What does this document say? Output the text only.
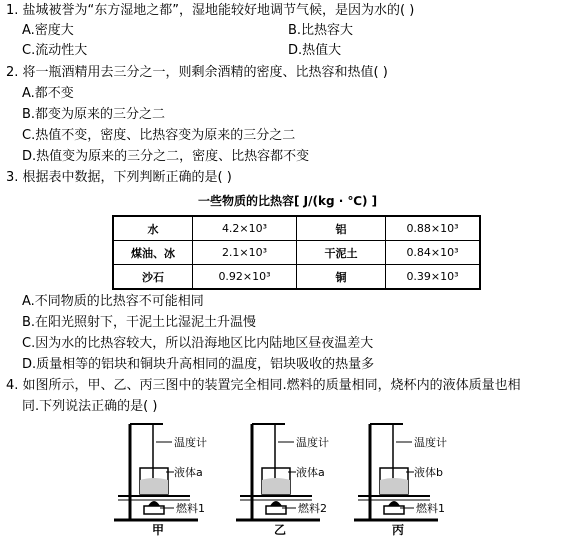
1. 盐城被誉为“东方湿地之都”，湿地能较好地调节气候，是因为水的( )
A.密度大	B.比热容大
C.流动性大	D.热值大
2. 将一瓶酒精用去三分之一，则剩余酒精的密度、比热容和热值( )
A.都不变
B.都变为原来的三分之二
C.热值不变，密度、比热容变为原来的三分之二
D.热值变为原来的三分之二，密度、比热容都不变
3. 根据表中数据，下列判断正确的是( )
一些物质的比热容[ J/(kg · ℃) ]
水	4.2×10³	铝	0.88×10³
煤油、冰	2.1×10³	干泥土	0.84×10³
沙石	0.92×10³	铜	0.39×10³
A.不同物质的比热容不可能相同
B.在阳光照射下，干泥土比湿泥土升温慢
C.因为水的比热容较大，所以沿海地区比内陆地区昼夜温差大
D.质量相等的铝块和铜块升高相同的温度，铝块吸收的热量多
4. 如图所示，甲、乙、丙三图中的装置完全相同.燃料的质量相同，烧杯内的液体质量也相
同.下列说法正确的是( )
温度计
液体a
燃料1
甲
温度计
液体a
燃料2
乙
温度计
液体b
燃料1
丙
